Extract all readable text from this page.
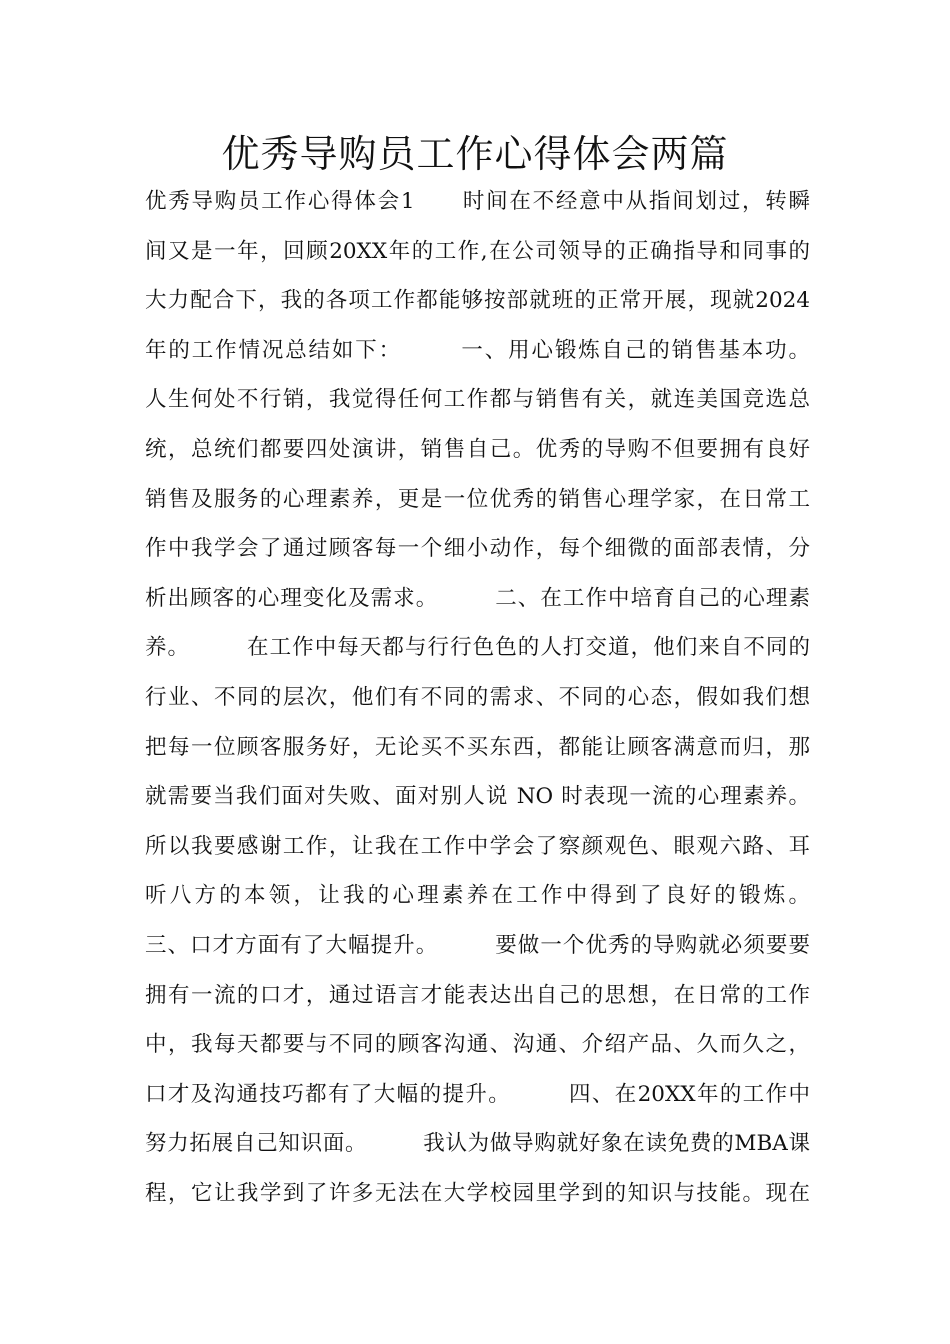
优秀导购员工作心得体会两篇
优秀导购员工作心得体会1　　时间在不经意中从指间划过，转瞬
间又是一年，回顾20XX年的工作,在公司领导的正确指导和同事的
大力配合下，我的各项工作都能够按部就班的正常开展，现就2024
年的工作情况总结如下：　　　一、用心锻炼自己的销售基本功。
人生何处不行销，我觉得任何工作都与销售有关，就连美国竞选总
统，总统们都要四处演讲，销售自己。优秀的导购不但要拥有良好
销售及服务的心理素养，更是一位优秀的销售心理学家，在日常工
作中我学会了通过顾客每一个细小动作，每个细微的面部表情，分
析出顾客的心理变化及需求。　　　二、在工作中培育自己的心理素
养。　　　在工作中每天都与行行色色的人打交道，他们来自不同的
行业、不同的层次，他们有不同的需求、不同的心态，假如我们想
把每一位顾客服务好，无论买不买东西，都能让顾客满意而归，那
就需要当我们面对失败、面对别人说 NO 时表现一流的心理素养。
所以我要感谢工作，让我在工作中学会了察颜观色、眼观六路、耳
听八方的本领，让我的心理素养在工作中得到了良好的锻炼。
三、口才方面有了大幅提升。　　　要做一个优秀的导购就必须要要
拥有一流的口才，通过语言才能表达出自己的思想，在日常的工作
中，我每天都要与不同的顾客沟通、沟通、介绍产品、久而久之，
口才及沟通技巧都有了大幅的提升。　　　四、在20XX年的工作中
努力拓展自己知识面。　　　我认为做导购就好象在读免费的MBA课
程，它让我学到了许多无法在大学校园里学到的知识与技能。现在
